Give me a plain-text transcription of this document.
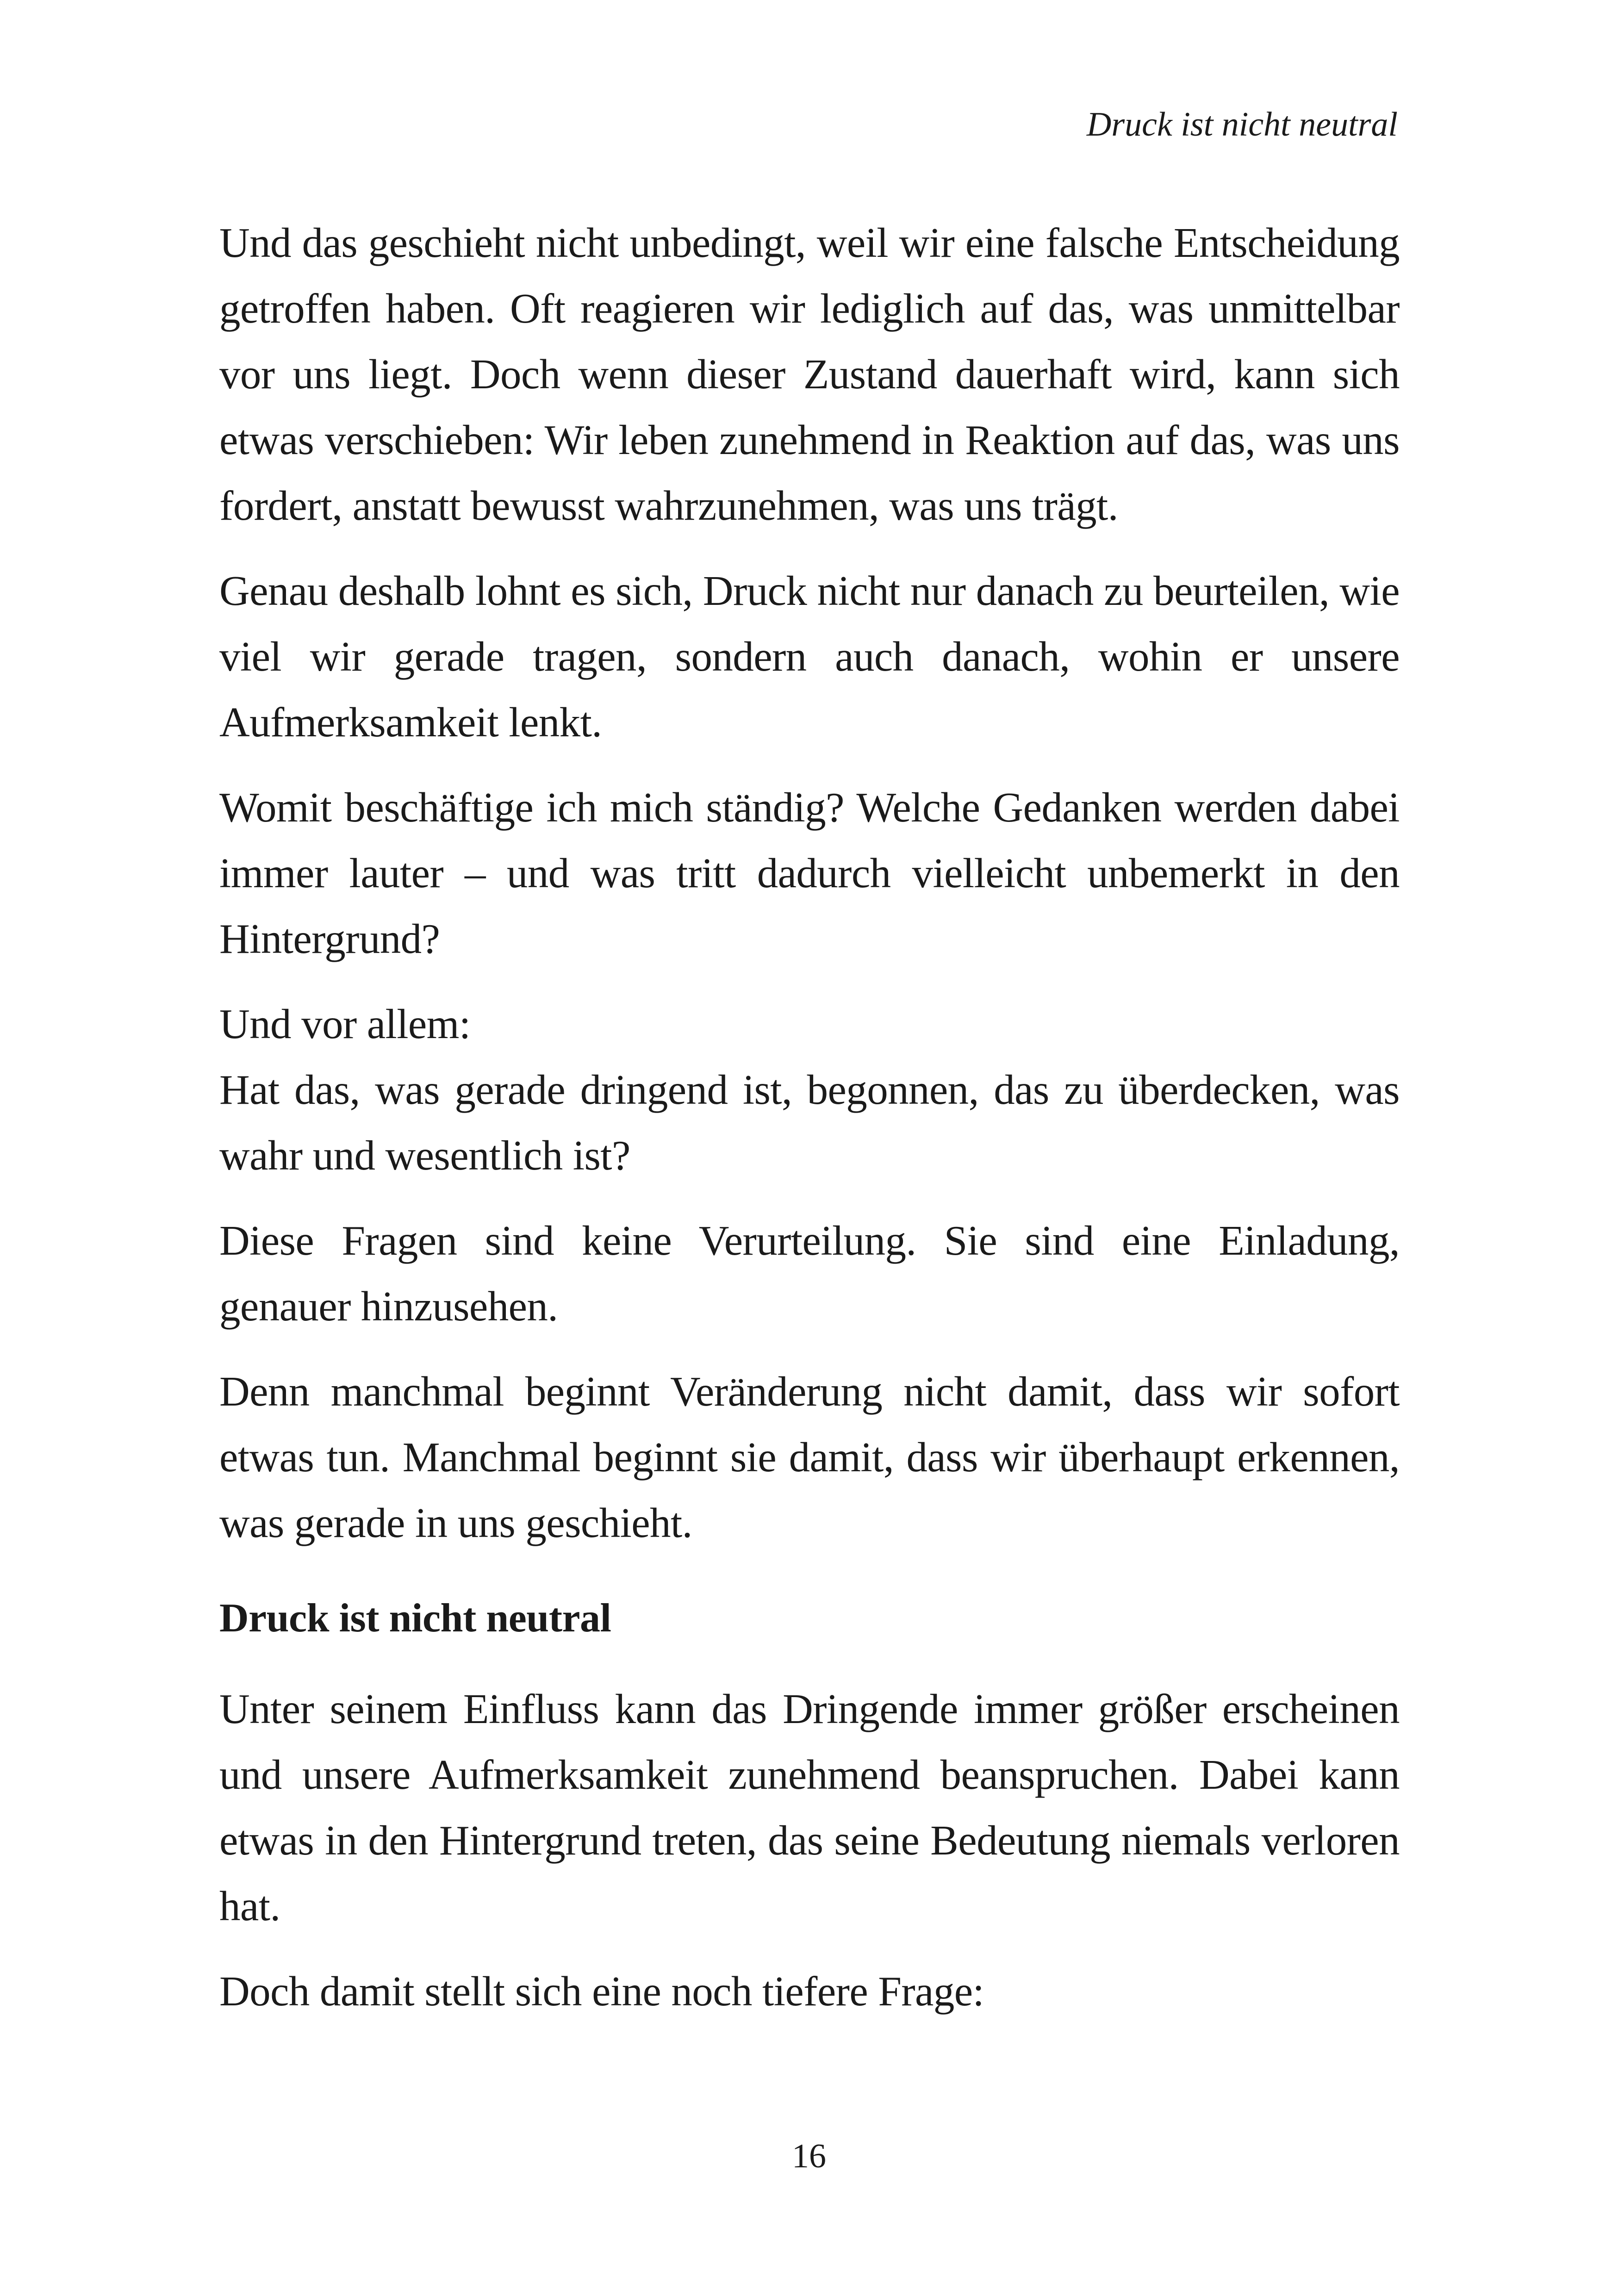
Druck ist nicht neutral

Und das geschieht nicht unbedingt, weil wir eine falsche Entscheidung getroffen haben. Oft reagieren wir lediglich auf das, was unmittelbar vor uns liegt. Doch wenn dieser Zustand dauerhaft wird, kann sich etwas verschieben: Wir leben zunehmend in Reaktion auf das, was uns fordert, anstatt bewusst wahrzunehmen, was uns trägt.

Genau deshalb lohnt es sich, Druck nicht nur danach zu beurteilen, wie viel wir gerade tragen, sondern auch danach, wohin er unsere Aufmerksamkeit lenkt.

Womit beschäftige ich mich ständig? Welche Gedanken werden dabei immer lauter – und was tritt dadurch vielleicht unbemerkt in den Hintergrund?

Und vor allem:

Hat das, was gerade dringend ist, begonnen, das zu überdecken, was wahr und wesentlich ist?

Diese Fragen sind keine Verurteilung. Sie sind eine Einladung, genauer hinzusehen.

Denn manchmal beginnt Veränderung nicht damit, dass wir sofort etwas tun. Manchmal beginnt sie damit, dass wir überhaupt erkennen, was gerade in uns geschieht.

Druck ist nicht neutral

Unter seinem Einfluss kann das Dringende immer größer erscheinen und unsere Aufmerksamkeit zunehmend beanspruchen. Dabei kann etwas in den Hintergrund treten, das seine Bedeutung niemals verloren hat.

Doch damit stellt sich eine noch tiefere Frage:

16
